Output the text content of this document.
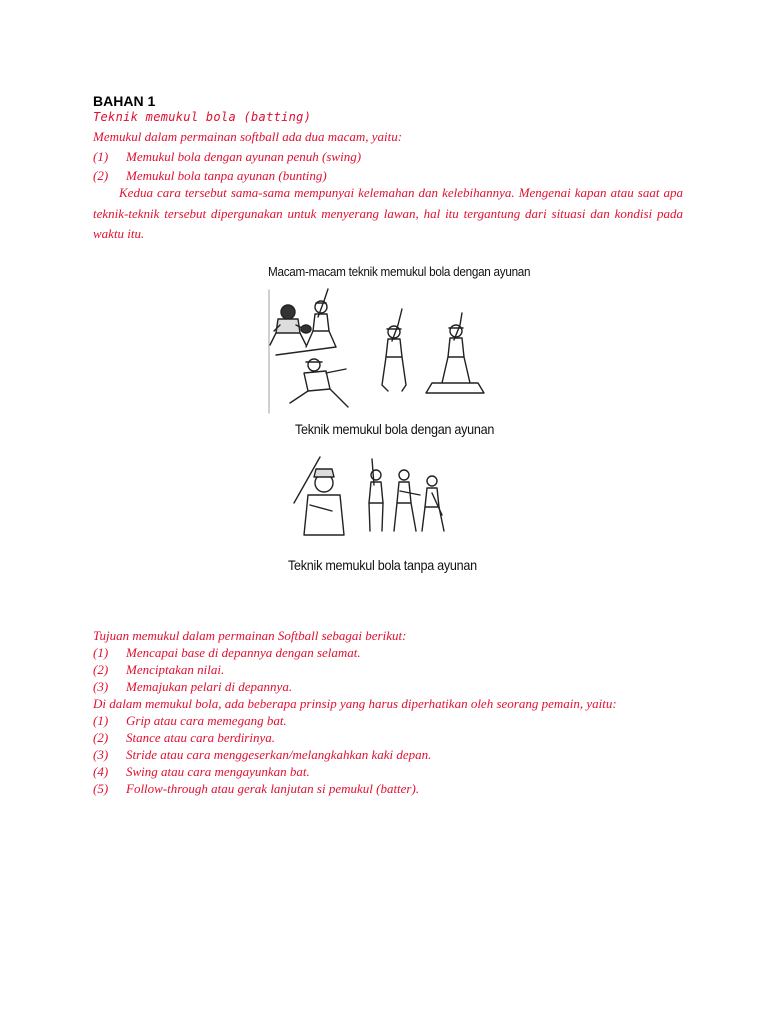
BAHAN 1
Teknik memukul bola (batting)
Memukul dalam permainan softball ada dua macam, yaitu:
(1) Memukul bola dengan ayunan penuh (swing)
(2) Memukul bola tanpa ayunan (bunting)
Kedua cara tersebut sama-sama mempunyai kelemahan dan kelebihannya. Mengenai kapan atau saat apa teknik-teknik tersebut dipergunakan untuk menyerang lawan, hal itu tergantung dari situasi dan kondisi pada waktu itu.
Macam-macam teknik memukul bola dengan ayunan
Teknik memukul bola dengan ayunan
Teknik memukul bola tanpa ayunan
Tujuan memukul dalam permainan Softball sebagai berikut:
(1) Mencapai base di depannya dengan selamat.
(2) Menciptakan nilai.
(3) Memajukan pelari di depannya.
Di dalam memukul bola, ada beberapa prinsip yang harus diperhatikan oleh seorang pemain, yaitu:
(1) Grip atau cara memegang bat.
(2) Stance atau cara berdirinya.
(3) Stride atau cara menggeserkan/melangkahkan kaki depan.
(4) Swing atau cara mengayunkan bat.
(5) Follow-through atau gerak lanjutan si pemukul (batter).
